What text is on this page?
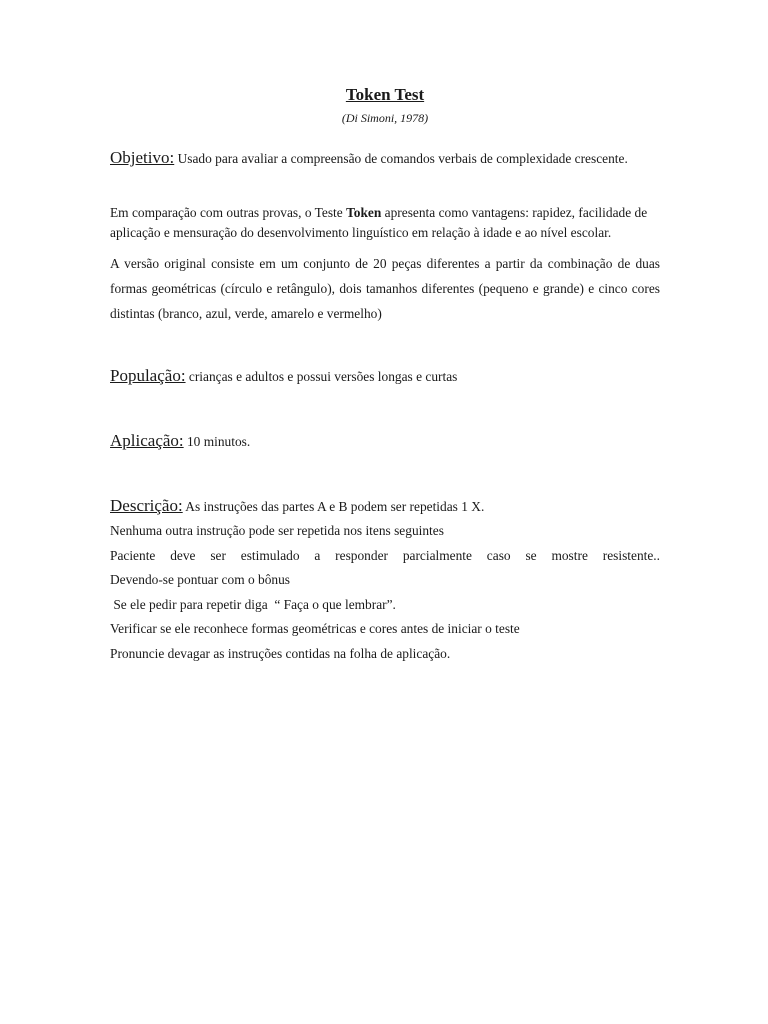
Token Test

(Di Simoni, 1978)

Objetivo: Usado para avaliar a compreensão de comandos verbais de complexidade crescente.

Em comparação com outras provas, o Teste Token apresenta como vantagens: rapidez, facilidade de aplicação e mensuração do desenvolvimento linguístico em relação à idade e ao nível escolar.

A versão original consiste em um conjunto de 20 peças diferentes a partir da combinação de duas formas geométricas (círculo e retângulo), dois tamanhos diferentes (pequeno e grande) e cinco cores distintas (branco, azul, verde, amarelo e vermelho)

População: crianças e adultos e possui versões longas e curtas

Aplicação: 10 minutos.

Descrição: As instruções das partes A e B podem ser repetidas 1 X.

Nenhuma outra instrução pode ser repetida nos itens seguintes

Paciente deve ser estimulado a responder parcialmente caso se mostre resistente..

Devendo-se pontuar com o bônus

Se ele pedir para repetir diga  “ Faça o que lembrar”.

Verificar se ele reconhece formas geométricas e cores antes de iniciar o teste

Pronuncie devagar as instruções contidas na folha de aplicação.
